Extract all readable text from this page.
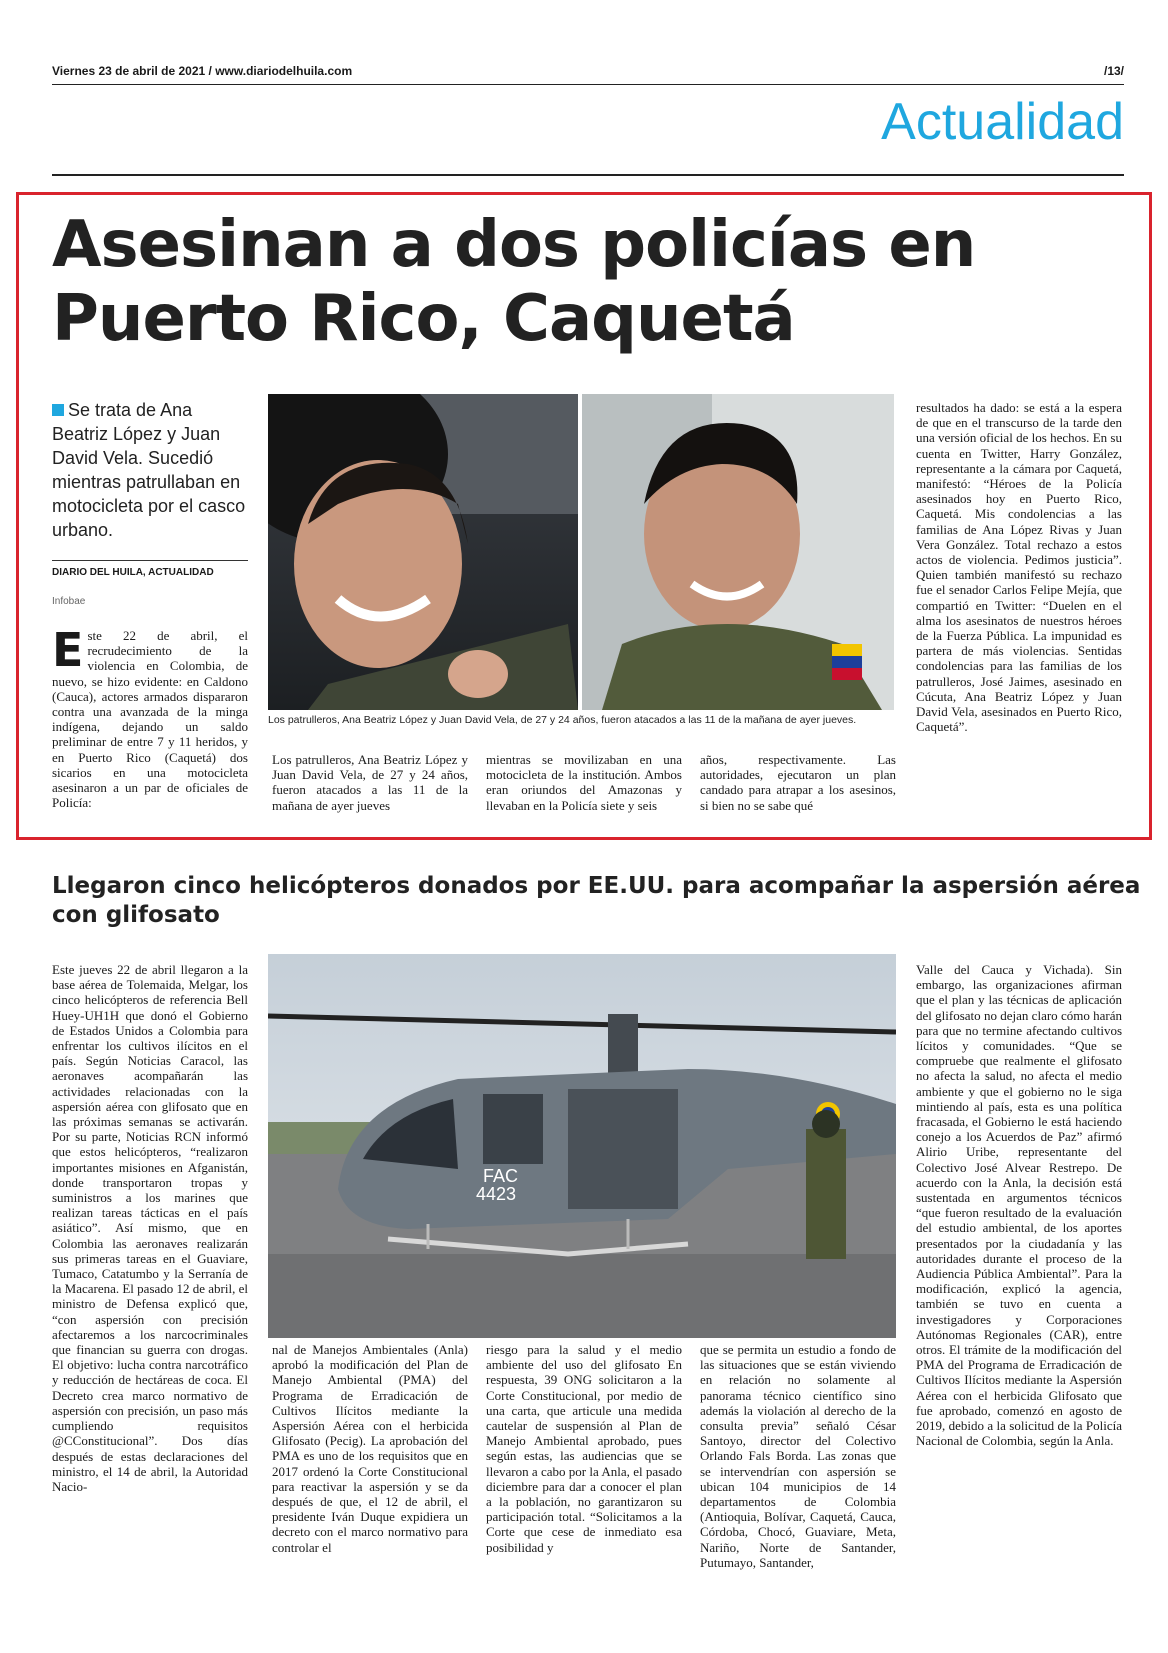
Viernes 23 de abril de 2021 / www.diariodelhuila.com	/13/
Actualidad
Asesinan a dos policías en
Puerto Rico, Caquetá
Se trata de Ana Beatriz López y Juan David Vela. Sucedió mientras patrullaban en motocicleta por el casco urbano.
DIARIO DEL HUILA, ACTUALIDAD
Infobae
Este 22 de abril, el recrudecimiento de la violencia en Colombia, de nuevo, se hizo evidente: en Caldono (Cauca), actores armados dispararon contra una avanzada de la minga indígena, dejando un saldo preliminar de entre 7 y 11 heridos, y en Puerto Rico (Caquetá) dos sicarios en una motocicleta asesinaron a un par de oficiales de Policía:
Los patrulleros, Ana Beatriz López y Juan David Vela, de 27 y 24 años, fueron atacados a las 11 de la mañana de ayer jueves.
Los patrulleros, Ana Beatriz López y Juan David Vela, de 27 y 24 años, fueron atacados a las 11 de la mañana de ayer jueves
mientras se movilizaban en una motocicleta de la institución. Ambos eran oriundos del Amazonas y llevaban en la Policía siete y seis
años, respectivamente. Las autoridades, ejecutaron un plan candado para atrapar a los asesinos, si bien no se sabe qué
resultados ha dado: se está a la espera de que en el transcurso de la tarde den una versión oficial de los hechos. En su cuenta en Twitter, Harry González, representante a la cámara por Caquetá, manifestó: “Héroes de la Policía asesinados hoy en Puerto Rico, Caquetá. Mis condolencias a las familias de Ana López Rivas y Juan Vera González. Total rechazo a estos actos de violencia. Pedimos justicia”. Quien también manifestó su rechazo fue el senador Carlos Felipe Mejía, que compartió en Twitter: “Duelen en el alma los asesinatos de nuestros héroes de la Fuerza Pública. La impunidad es partera de más violencias. Sentidas condolencias para las familias de los patrulleros, José Jaimes, asesinado en Cúcuta, Ana Beatriz López y Juan David Vela, asesinados en Puerto Rico, Caquetá”.
Llegaron cinco helicópteros donados por EE.UU. para acompañar la aspersión aérea con glifosato
Este jueves 22 de abril llegaron a la base aérea de Tolemaida, Melgar, los cinco helicópteros de referencia Bell Huey-UH1H que donó el Gobierno de Estados Unidos a Colombia para enfrentar los cultivos ilícitos en el país. Según Noticias Caracol, las aeronaves acompañarán las actividades relacionadas con la aspersión aérea con glifosato que en las próximas semanas se activarán. Por su parte, Noticias RCN informó que estos helicópteros, “realizaron importantes misiones en Afganistán, donde transportaron tropas y suministros a los marines que realizan tareas tácticas en el país asiático”. Así mismo, que en Colombia las aeronaves realizarán sus primeras tareas en el Guaviare, Tumaco, Catatumbo y la Serranía de la Macarena. El pasado 12 de abril, el ministro de Defensa explicó que, “con aspersión con precisión afectaremos a los narcocriminales que financian su guerra con drogas. El objetivo: lucha contra narcotráfico y reducción de hectáreas de coca. El Decreto crea marco normativo de aspersión con precisión, un paso más cumpliendo requisitos @CConstitucional”. Dos días después de estas declaraciones del ministro, el 14 de abril, la Autoridad Nacio-
FAC
4423
nal de Manejos Ambientales (Anla) aprobó la modificación del Plan de Manejo Ambiental (PMA) del Programa de Erradicación de Cultivos Ilícitos mediante la Aspersión Aérea con el herbicida Glifosato (Pecig). La aprobación del PMA es uno de los requisitos que en 2017 ordenó la Corte Constitucional para reactivar la aspersión y se da después de que, el 12 de abril, el presidente Iván Duque expidiera un decreto con el marco normativo para controlar el
riesgo para la salud y el medio ambiente del uso del glifosato En respuesta, 39 ONG solicitaron a la Corte Constitucional, por medio de una carta, que articule una medida cautelar de suspensión al Plan de Manejo Ambiental aprobado, pues según estas, las audiencias que se llevaron a cabo por la Anla, el pasado diciembre para dar a conocer el plan a la población, no garantizaron su participación total. “Solicitamos a la Corte que cese de inmediato esa posibilidad y
que se permita un estudio a fondo de las situaciones que se están viviendo en relación no solamente al panorama técnico científico sino además la violación al derecho de la consulta previa” señaló César Santoyo, director del Colectivo Orlando Fals Borda. Las zonas que se intervendrían con aspersión se ubican 104 municipios de 14 departamentos de Colombia (Antioquia, Bolívar, Caquetá, Cauca, Córdoba, Chocó, Guaviare, Meta, Nariño, Norte de Santander, Putumayo, Santander,
Valle del Cauca y Vichada). Sin embargo, las organizaciones afirman que el plan y las técnicas de aplicación del glifosato no dejan claro cómo harán para que no termine afectando cultivos lícitos y comunidades. “Que se compruebe que realmente el glifosato no afecta la salud, no afecta el medio ambiente y que el gobierno no le siga mintiendo al país, esta es una política fracasada, el Gobierno le está haciendo conejo a los Acuerdos de Paz” afirmó Alirio Uribe, representante del Colectivo José Alvear Restrepo. De acuerdo con la Anla, la decisión está sustentada en argumentos técnicos “que fueron resultado de la evaluación del estudio ambiental, de los aportes presentados por la ciudadanía y las autoridades durante el proceso de la Audiencia Pública Ambiental”. Para la modificación, explicó la agencia, también se tuvo en cuenta a investigadores y Corporaciones Autónomas Regionales (CAR), entre otros. El trámite de la modificación del PMA del Programa de Erradicación de Cultivos Ilícitos mediante la Aspersión Aérea con el herbicida Glifosato que fue aprobado, comenzó en agosto de 2019, debido a la solicitud de la Policía Nacional de Colombia, según la Anla.
